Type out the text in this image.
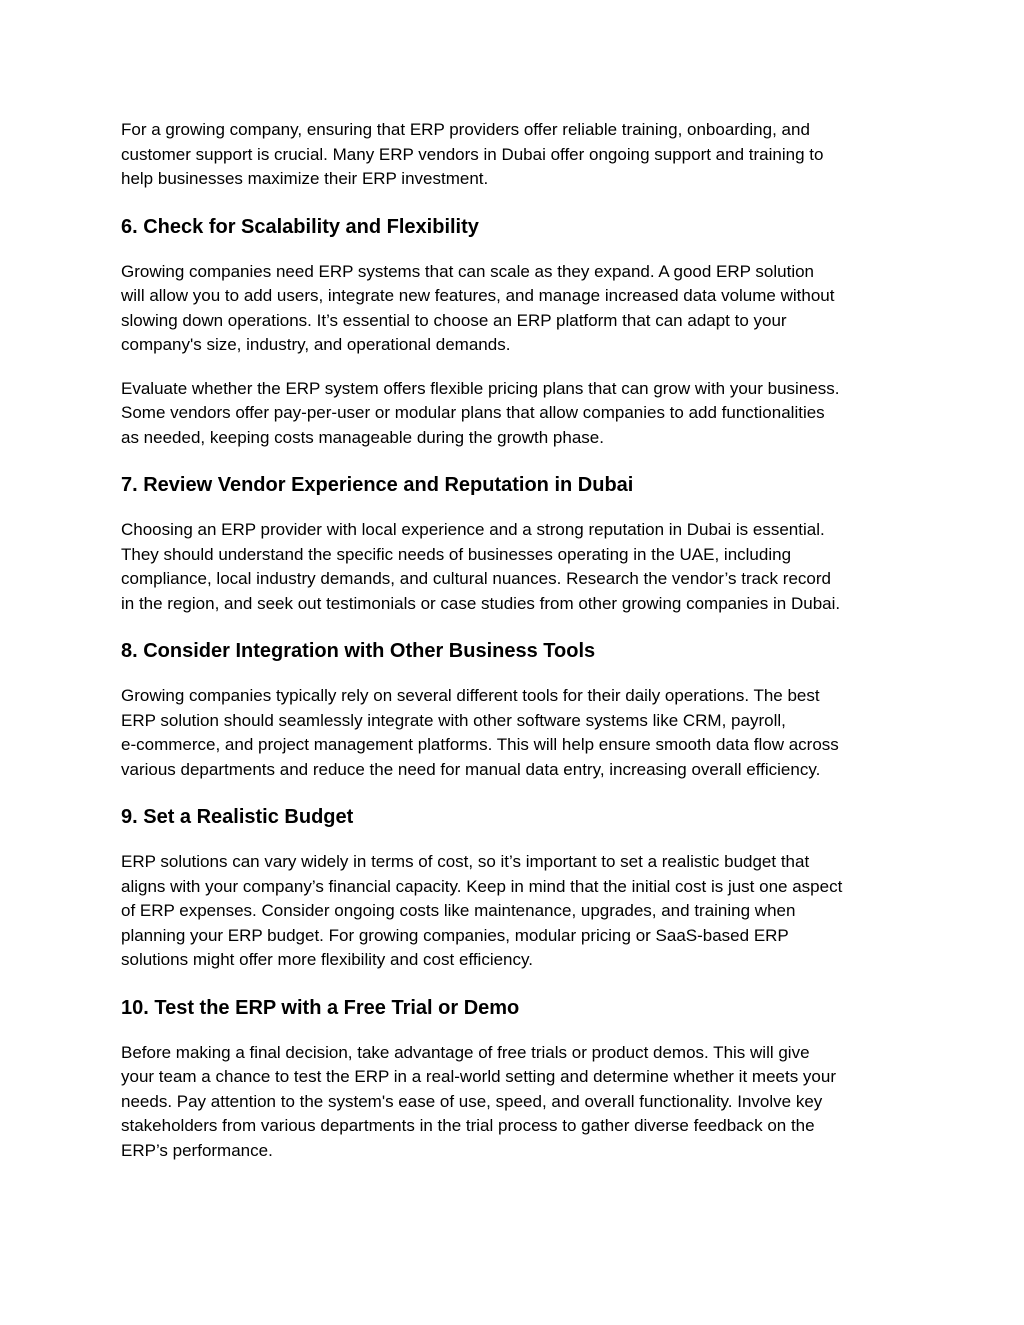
For a growing company, ensuring that ERP providers offer reliable training, onboarding, and
customer support is crucial. Many ERP vendors in Dubai offer ongoing support and training to
help businesses maximize their ERP investment.

6. Check for Scalability and Flexibility

Growing companies need ERP systems that can scale as they expand. A good ERP solution
will allow you to add users, integrate new features, and manage increased data volume without
slowing down operations. It’s essential to choose an ERP platform that can adapt to your
company's size, industry, and operational demands.

Evaluate whether the ERP system offers flexible pricing plans that can grow with your business.
Some vendors offer pay-per-user or modular plans that allow companies to add functionalities
as needed, keeping costs manageable during the growth phase.

7. Review Vendor Experience and Reputation in Dubai

Choosing an ERP provider with local experience and a strong reputation in Dubai is essential.
They should understand the specific needs of businesses operating in the UAE, including
compliance, local industry demands, and cultural nuances. Research the vendor’s track record
in the region, and seek out testimonials or case studies from other growing companies in Dubai.

8. Consider Integration with Other Business Tools

Growing companies typically rely on several different tools for their daily operations. The best
ERP solution should seamlessly integrate with other software systems like CRM, payroll,
e-commerce, and project management platforms. This will help ensure smooth data flow across
various departments and reduce the need for manual data entry, increasing overall efficiency.

9. Set a Realistic Budget

ERP solutions can vary widely in terms of cost, so it’s important to set a realistic budget that
aligns with your company’s financial capacity. Keep in mind that the initial cost is just one aspect
of ERP expenses. Consider ongoing costs like maintenance, upgrades, and training when
planning your ERP budget. For growing companies, modular pricing or SaaS-based ERP
solutions might offer more flexibility and cost efficiency.

10. Test the ERP with a Free Trial or Demo

Before making a final decision, take advantage of free trials or product demos. This will give
your team a chance to test the ERP in a real-world setting and determine whether it meets your
needs. Pay attention to the system's ease of use, speed, and overall functionality. Involve key
stakeholders from various departments in the trial process to gather diverse feedback on the
ERP’s performance.
